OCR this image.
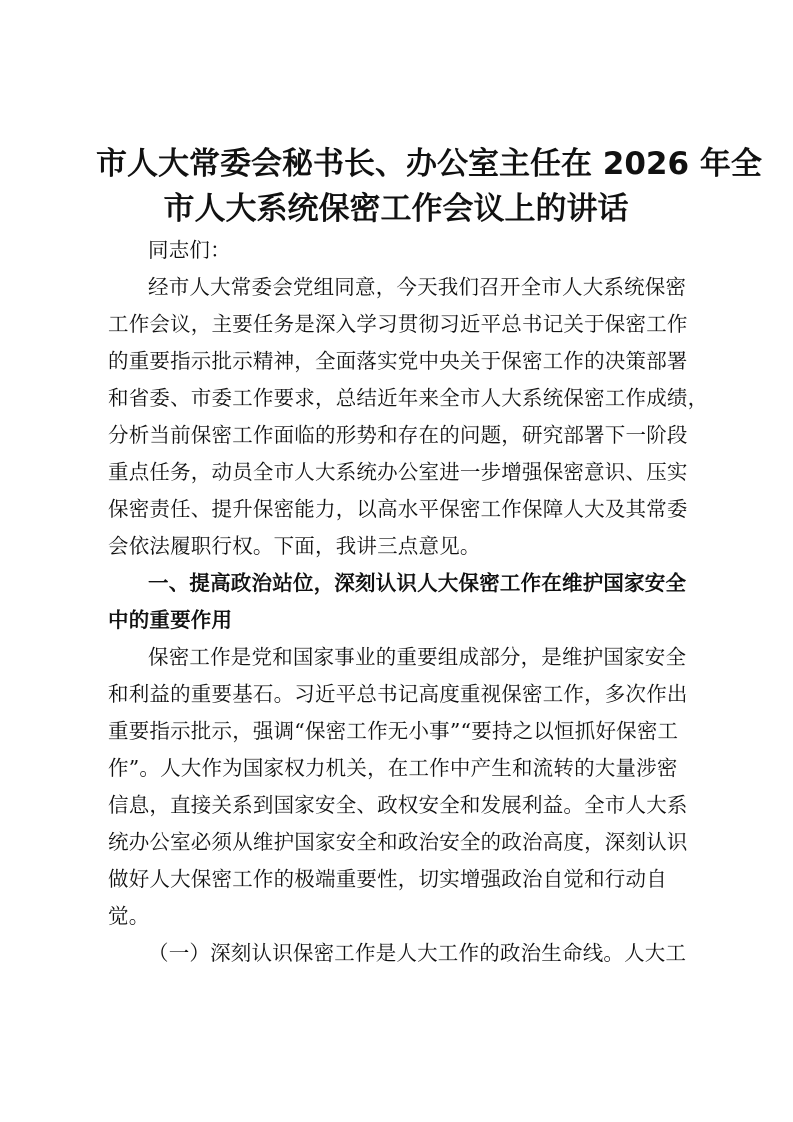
市人大常委会秘书长、办公室主任在 2026 年全
市人大系统保密工作会议上的讲话

同志们：

经市人大常委会党组同意，今天我们召开全市人大系统保密

工作会议，主要任务是深入学习贯彻习近平总书记关于保密工作

的重要指示批示精神，全面落实党中央关于保密工作的决策部署

和省委、市委工作要求，总结近年来全市人大系统保密工作成绩，

分析当前保密工作面临的形势和存在的问题，研究部署下一阶段

重点任务，动员全市人大系统办公室进一步增强保密意识、压实

保密责任、提升保密能力，以高水平保密工作保障人大及其常委

会依法履职行权。下面，我讲三点意见。

一、提高政治站位，深刻认识人大保密工作在维护国家安全

中的重要作用

保密工作是党和国家事业的重要组成部分，是维护国家安全

和利益的重要基石。习近平总书记高度重视保密工作，多次作出

重要指示批示，强调“保密工作无小事”“要持之以恒抓好保密工

作”。人大作为国家权力机关，在工作中产生和流转的大量涉密

信息，直接关系到国家安全、政权安全和发展利益。全市人大系

统办公室必须从维护国家安全和政治安全的政治高度，深刻认识

做好人大保密工作的极端重要性，切实增强政治自觉和行动自

觉。

（一）深刻认识保密工作是人大工作的政治生命线。人大工
